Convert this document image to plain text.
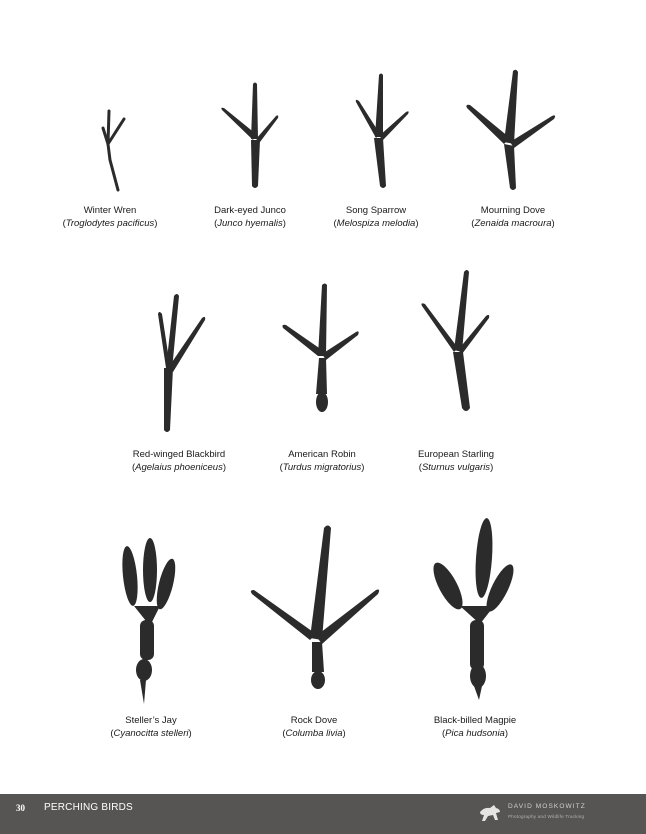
Winter Wren
(Troglodytes pacificus)
Dark-eyed Junco
(Junco hyemalis)
Song Sparrow
(Melospiza melodia)
Mourning Dove
(Zenaida macroura)
Red-winged Blackbird
(Agelaius phoeniceus)
American Robin
(Turdus migratorius)
European Starling
(Sturnus vulgaris)
Steller’s Jay
(Cyanocitta stelleri)
Rock Dove
(Columba livia)
Black-billed Magpie
(Pica hudsonia)
30 PERCHING BIRDS	DAVID MOSKOWITZ
Photography and Wildlife Tracking
